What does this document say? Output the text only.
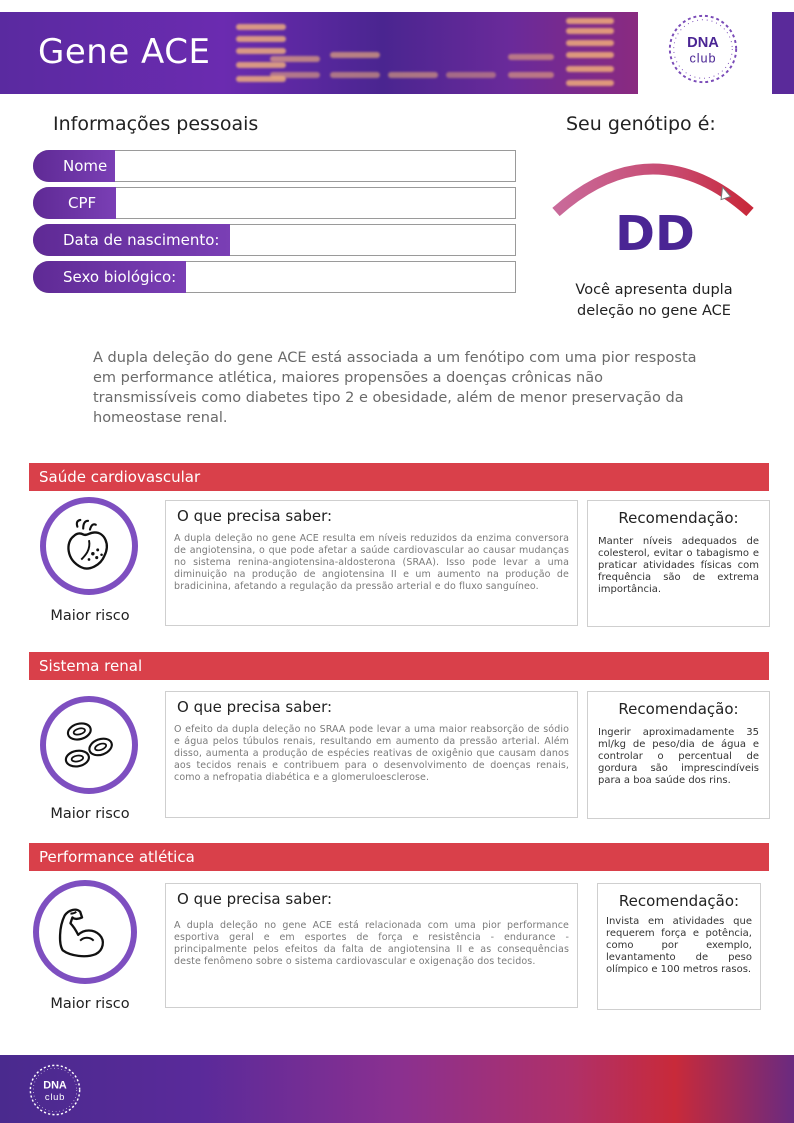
Gene ACE	DNA
club
Informações pessoais
Nome
CPF
Data de nascimento:
Sexo biológico:
Seu genótipo é:
DD
Você apresenta dupla deleção no gene ACE
A dupla deleção do gene ACE está associada a um fenótipo com uma pior resposta em performance atlética, maiores propensões a doenças crônicas não transmissíveis como diabetes tipo 2 e obesidade, além de menor preservação da homeostase renal.
Saúde cardiovascular
Maior risco
O que precisa saber:
A dupla deleção no gene ACE resulta em níveis reduzidos da enzima conversora de angiotensina, o que pode afetar a saúde cardiovascular ao causar mudanças no sistema renina-angiotensina-aldosterona (SRAA). Isso pode levar a uma diminuição na produção de angiotensina II e um aumento na produção de bradicinina, afetando a regulação da pressão arterial e do fluxo sanguíneo.
Recomendação:
Manter níveis adequados de colesterol, evitar o tabagismo e praticar atividades físicas com frequência são de extrema importância.
Sistema renal
Maior risco
O que precisa saber:
O efeito da dupla deleção no SRAA pode levar a uma maior reabsorção de sódio e água pelos túbulos renais, resultando em aumento da pressão arterial. Além disso, aumenta a produção de espécies reativas de oxigênio que causam danos aos tecidos renais e contribuem para o desenvolvimento de doenças renais, como a nefropatia diabética e a glomeruloesclerose.
Recomendação:
Ingerir aproximadamente 35 ml/kg de peso/dia de água e controlar o percentual de gordura são imprescindíveis para a boa saúde dos rins.
Performance atlética
Maior risco
O que precisa saber:
A dupla deleção no gene ACE está relacionada com uma pior performance esportiva geral e em esportes de força e resistência - endurance - principalmente pelos efeitos da falta de angiotensina II e as consequências deste fenômeno sobre o sistema cardiovascular e oxigenação dos tecidos.
Recomendação:
Invista em atividades que requerem força e potência, como por exemplo, levantamento de peso olímpico e 100 metros rasos.
DNA
club
